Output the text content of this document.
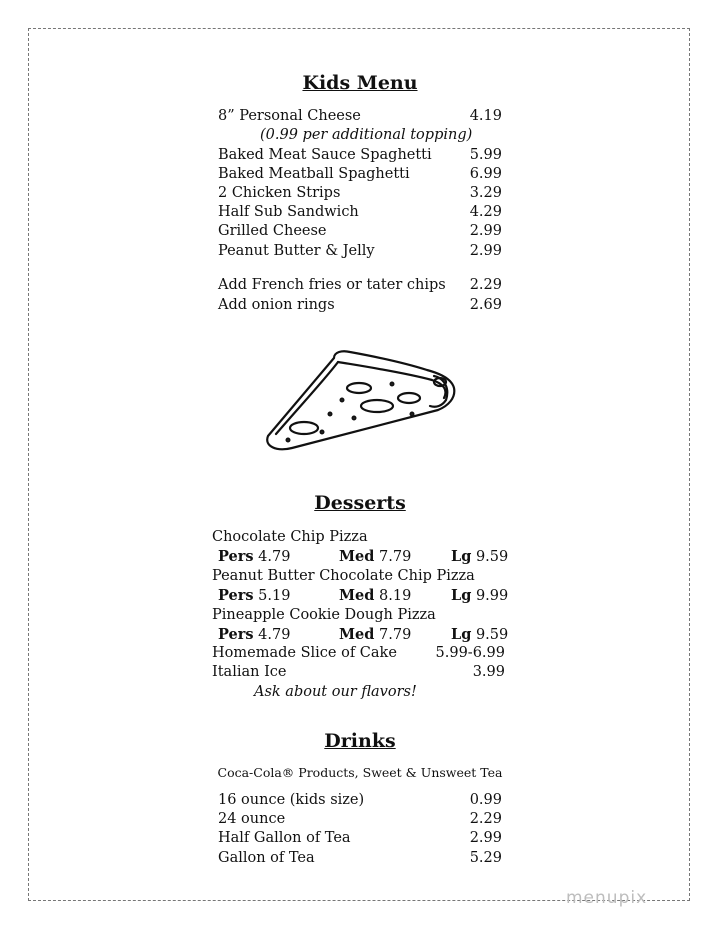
Kids Menu
8” Personal Cheese	4.19
(0.99 per additional topping)
Baked Meat Sauce Spaghetti	5.99
Baked Meatball Spaghetti	6.99
2 Chicken Strips	3.29
Half Sub Sandwich	4.29
Grilled Cheese	2.99
Peanut Butter & Jelly	2.99
Add French fries or tater chips	2.29
Add onion rings	2.69
Desserts
Chocolate Chip Pizza
Pers 4.79	Med 7.79	Lg 9.59
Peanut Butter Chocolate Chip Pizza
Pers 5.19	Med 8.19	Lg 9.99
Pineapple Cookie Dough Pizza
Pers 4.79	Med 7.79	Lg 9.59
Homemade Slice of Cake	5.99-6.99
Italian Ice	3.99
Ask about our flavors!
Drinks
Coca-Cola® Products, Sweet & Unsweet Tea
16 ounce (kids size)	0.99
24 ounce	2.29
Half Gallon of Tea	2.99
Gallon of Tea	5.29
menupix
